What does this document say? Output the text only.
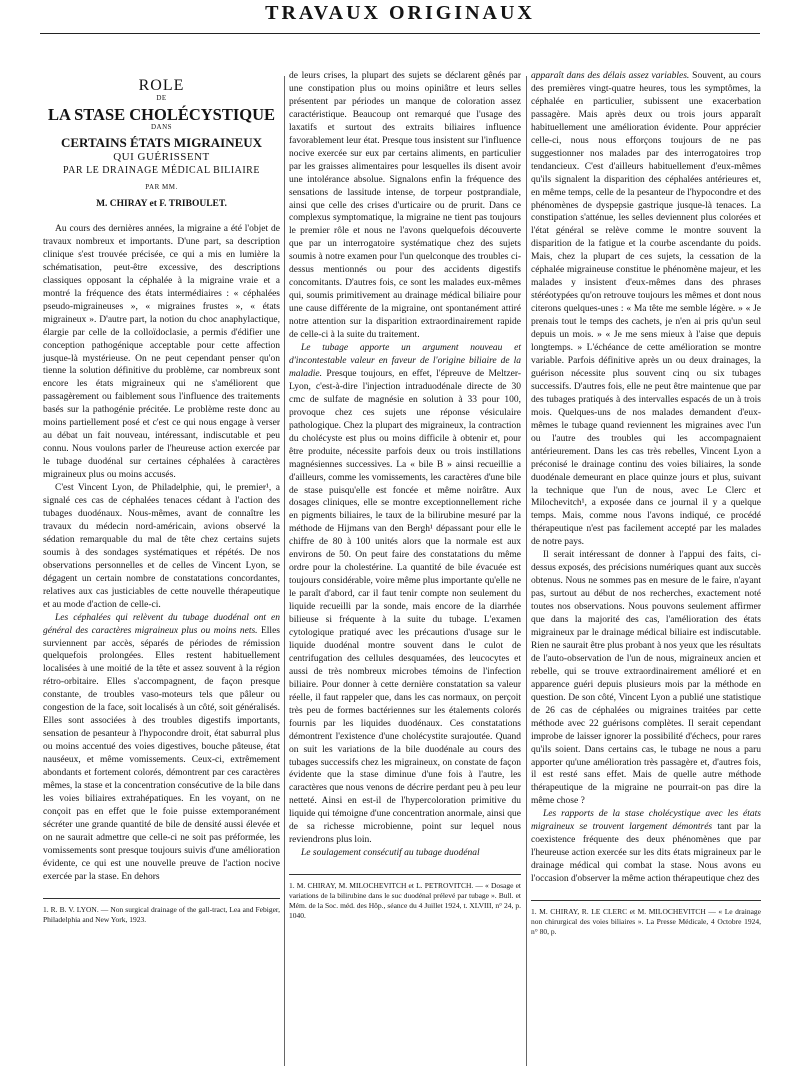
TRAVAUX ORIGINAUX
ROLE
DE
LA STASE CHOLÉCYSTIQUE
DANS
CERTAINS ÉTATS MIGRAINEUX
QUI GUÉRISSENT
PAR LE DRAINAGE MÉDICAL BILIAIRE
PAR MM.
M. CHIRAY et F. TRIBOULET.

Au cours des dernières années, la migraine a été l'objet de travaux nombreux et importants. D'une part, sa description clinique s'est trouvée précisée, ce qui a mis en lumière la schématisation, peut-être excessive, des descriptions classiques opposant la céphalée à la migraine vraie et a montré la fréquence des états intermédiaires : « céphalées pseudo-migraineuses », « migraines frustes », « états migraineux ». D'autre part, la notion du choc anaphylactique, élargie par celle de la colloïdoclasie, a permis d'édifier une conception pathogénique acceptable pour cette affection jusque-là mystérieuse. On ne peut cependant penser qu'on tienne la solution définitive du problème, car nombreux sont encore les états migraineux qui ne s'améliorent que passagèrement ou faiblement sous l'influence des traitements basés sur la pathogénie précitée. Le problème reste donc au moins partiellement posé et c'est ce qui nous engage à verser au débat un fait nouveau, intéressant, indiscutable et peu connu. Nous voulons parler de l'heureuse action exercée par le tubage duodénal sur certaines céphalées à caractères migraineux plus ou moins accusés.

C'est Vincent Lyon, de Philadelphie, qui, le premier¹, a signalé ces cas de céphalées tenaces cédant à l'action des tubages duodénaux. Nous-mêmes, avant de connaître les travaux du médecin nord-américain, avions observé la sédation remarquable du mal de tête chez certains sujets soumis à des sondages systématiques et répétés. De nos observations personnelles et de celles de Vincent Lyon, se dégagent un certain nombre de constatations concordantes, relatives aux cas justiciables de cette nouvelle thérapeutique et au mode d'action de celle-ci.

Les céphalées qui relèvent du tubage duodénal ont en général des caractères migraineux plus ou moins nets. Elles surviennent par accès, séparés de périodes de rémission quelquefois prolongées. Elles restent habituellement localisées à une moitié de la tête et assez souvent à la région rétro-orbitaire. Elles s'accompagnent, de façon presque constante, de troubles vaso-moteurs tels que pâleur ou congestion de la face, soit localisés à un côté, soit généralisés. Elles sont associées à des troubles digestifs importants, sensation de pesanteur à l'hypocondre droit, état saburral plus ou moins accentué des voies digestives, bouche pâteuse, état nauséeux, et même vomissements. Ceux-ci, extrêmement abondants et fortement colorés, démontrent par ces caractères mêmes, la stase et la concentration consécutive de la bile dans les voies biliaires extrahépatiques. En les voyant, on ne conçoit pas en effet que le foie puisse extemporanément sécréter une grande quantité de bile de densité aussi élevée et on ne saurait admettre que celle-ci ne soit pas préformée, les vomissements sont presque toujours suivis d'une amélioration évidente, ce qui est une nouvelle preuve de l'action nocive exercée par la stase. En dehors

1. R. B. V. LYON. — Non surgical drainage of the gall-tract, Lea and Febiger, Philadelphia and New York, 1923.

de leurs crises, la plupart des sujets se déclarent gênés par une constipation plus ou moins opiniâtre et leurs selles présentent par périodes un manque de coloration assez caractéristique. Beaucoup ont remarqué que l'usage des laxatifs et surtout des extraits biliaires influence favorablement leur état. Presque tous insistent sur l'influence nocive exercée sur eux par certains aliments, en particulier par les graisses alimentaires pour lesquelles ils disent avoir une intolérance absolue. Signalons enfin la fréquence des sensations de lassitude intense, de torpeur postprandiale, ainsi que celle des crises d'urticaire ou de prurit. Dans ce complexus symptomatique, la migraine ne tient pas toujours le premier rôle et nous ne l'avons quelquefois découverte que par un interrogatoire systématique chez des sujets soumis à notre examen pour l'un quelconque des troubles ci-dessus mentionnés ou pour des accidents digestifs concomitants. D'autres fois, ce sont les malades eux-mêmes qui, soumis primitivement au drainage médical biliaire pour une cause différente de la migraine, ont spontanément attiré notre attention sur la disparition extraordinairement rapide de celle-ci à la suite du traitement.

Le tubage apporte un argument nouveau et d'incontestable valeur en faveur de l'origine biliaire de la maladie. Presque toujours, en effet, l'épreuve de Meltzer-Lyon, c'est-à-dire l'injection intraduodénale directe de 30 cmc de sulfate de magnésie en solution à 33 pour 100, provoque chez ces sujets une réponse vésiculaire pathologique. Chez la plupart des migraineux, la contraction du cholécyste est plus ou moins difficile à obtenir et, pour être produite, nécessite parfois deux ou trois instillations magnésiennes successives. La « bile B » ainsi recueillie a d'ailleurs, comme les vomissements, les caractères d'une bile de stase puisqu'elle est foncée et même noirâtre. Aux dosages cliniques, elle se montre exceptionnellement riche en pigments biliaires, le taux de la bilirubine mesuré par la méthode de Hijmans van den Bergh¹ dépassant pour elle le chiffre de 80 à 100 unités alors que la normale est aux environs de 50. On peut faire des constatations du même ordre pour la cholestérine. La quantité de bile évacuée est toujours considérable, voire même plus importante qu'elle ne le paraît d'abord, car il faut tenir compte non seulement du liquide recueilli par la sonde, mais encore de la diarrhée bilieuse si fréquente à la suite du tubage. L'examen cytologique pratiqué avec les précautions d'usage sur le liquide duodénal montre souvent dans le culot de centrifugation des cellules desquamées, des leucocytes et aussi de très nombreux microbes témoins de l'infection biliaire. Pour donner à cette dernière constatation sa valeur réelle, il faut rappeler que, dans les cas normaux, on perçoit très peu de formes bactériennes sur les étalements colorés fournis par les liquides duodénaux. Ces constatations démontrent l'existence d'une cholécystite surajoutée. Quand on suit les variations de la bile duodénale au cours des tubages successifs chez les migraineux, on constate de façon évidente que la stase diminue d'une fois à l'autre, les caractères que nous venons de décrire perdant peu à peu leur netteté. Ainsi en est-il de l'hypercoloration primitive du liquide qui témoigne d'une concentration anormale, ainsi que de sa richesse microbienne, point sur lequel nous reviendrons plus loin.

Le soulagement consécutif au tubage duodénal

1. M. CHIRAY, M. MILOCHEVITCH et L. PETROVITCH. — « Dosage et variations de la bilirubine dans le suc duodénal prélevé par tubage ». Bull. et Mém. de la Soc. méd. des Hôp., séance du 4 Juillet 1924, t. XLVIII, n° 24, p. 1040.

apparaît dans des délais assez variables. Souvent, au cours des premières vingt-quatre heures, tous les symptômes, la céphalée en particulier, subissent une exacerbation passagère. Mais après deux ou trois jours apparaît habituellement une amélioration évidente. Pour apprécier celle-ci, nous nous efforçons toujours de ne pas suggestionner nos malades par des interrogatoires trop tendancieux. C'est d'ailleurs habituellement d'eux-mêmes qu'ils signalent la disparition des céphalées antérieures et, en même temps, celle de la pesanteur de l'hypocondre et des phénomènes de dyspepsie gastrique jusque-là tenaces. La constipation s'atténue, les selles deviennent plus colorées et l'état général se relève comme le montre souvent la disparition de la fatigue et la courbe ascendante du poids. Mais, chez la plupart de ces sujets, la cessation de la céphalée migraineuse constitue le phénomène majeur, et les malades y insistent d'eux-mêmes dans des phrases stéréotypées qu'on retrouve toujours les mêmes et dont nous citerons quelques-unes : « Ma tête me semble légère. » « Je prenais tout le temps des cachets, je n'en ai pris qu'un seul depuis un mois. » « Je me sens mieux à l'aise que depuis longtemps. » L'échéance de cette amélioration se montre variable. Parfois définitive après un ou deux drainages, la guérison nécessite plus souvent cinq ou six tubages successifs. D'autres fois, elle ne peut être maintenue que par des tubages pratiqués à des intervalles espacés de un à trois mois. Quelques-uns de nos malades demandent d'eux-mêmes le tubage quand reviennent les migraines avec l'un ou l'autre des troubles qui les accompagnaient antérieurement. Dans les cas très rebelles, Vincent Lyon a préconisé le drainage continu des voies biliaires, la sonde duodénale demeurant en place quinze jours et plus, suivant la technique que l'un de nous, avec Le Clerc et Milochevitch¹, a exposée dans ce journal il y a quelque temps. Mais, comme nous l'avons indiqué, ce procédé thérapeutique n'est pas facilement accepté par les malades de notre pays.

Il serait intéressant de donner à l'appui des faits, ci-dessus exposés, des précisions numériques quant aux succès obtenus. Nous ne sommes pas en mesure de le faire, n'ayant pas, surtout au début de nos recherches, exactement noté toutes nos observations. Nous pouvons seulement affirmer que dans la majorité des cas, l'amélioration des états migraineux par le drainage médical biliaire est indiscutable. Rien ne saurait être plus probant à nos yeux que les résultats de l'auto-observation de l'un de nous, migraineux ancien et rebelle, qui se trouve extraordinairement amélioré et en apparence guéri depuis plusieurs mois par la méthode en question. De son côté, Vincent Lyon a publié une statistique de 26 cas de céphalées ou migraines traitées par cette méthode avec 22 guérisons complètes. Il serait cependant improbe de laisser ignorer la possibilité d'échecs, pour rares qu'ils soient. Dans certains cas, le tubage ne nous a paru apporter qu'une amélioration très passagère et, d'autres fois, il est resté sans effet. Mais de quelle autre méthode thérapeutique de la migraine ne pourrait-on pas dire la même chose ?

Les rapports de la stase cholécystique avec les états migraineux se trouvent largement démontrés tant par la coexistence fréquente des deux phénomènes que par l'heureuse action exercée sur les dits états migraineux par le drainage médical qui combat la stase. Nous avons eu l'occasion d'observer la même action thérapeutique chez des

1. M. CHIRAY, R. LE CLERC et M. MILOCHEVITCH — « Le drainage non chirurgical des voies biliaires ». La Presse Médicale, 4 Octobre 1924, n° 80, p.
